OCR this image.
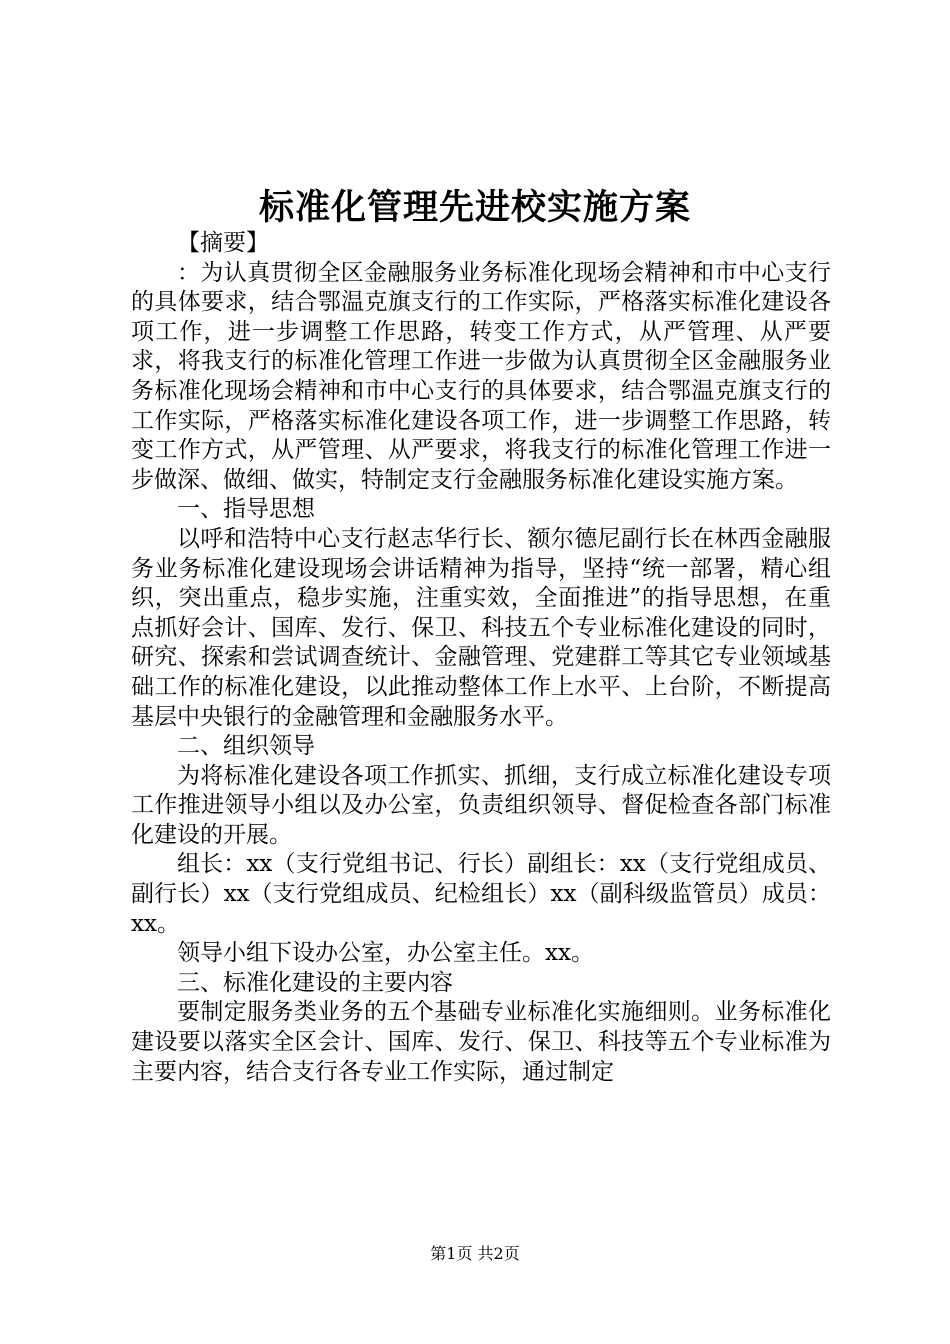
标准化管理先进校实施方案

【摘要】

：为认真贯彻全区金融服务业务标准化现场会精神和市中心支行的具体要求，结合鄂温克旗支行的工作实际，严格落实标准化建设各项工作，进一步调整工作思路，转变工作方式，从严管理、从严要求，将我支行的标准化管理工作进一步做为认真贯彻全区金融服务业务标准化现场会精神和市中心支行的具体要求，结合鄂温克旗支行的工作实际，严格落实标准化建设各项工作，进一步调整工作思路，转变工作方式，从严管理、从严要求，将我支行的标准化管理工作进一步做深、做细、做实，特制定支行金融服务标准化建设实施方案。

一、指导思想

以呼和浩特中心支行赵志华行长、额尔德尼副行长在林西金融服务业务标准化建设现场会讲话精神为指导，坚持“统一部署，精心组织，突出重点，稳步实施，注重实效，全面推进”的指导思想，在重点抓好会计、国库、发行、保卫、科技五个专业标准化建设的同时，研究、探索和尝试调查统计、金融管理、党建群工等其它专业领域基础工作的标准化建设，以此推动整体工作上水平、上台阶，不断提高基层中央银行的金融管理和金融服务水平。

二、组织领导

为将标准化建设各项工作抓实、抓细，支行成立标准化建设专项工作推进领导小组以及办公室，负责组织领导、督促检查各部门标准化建设的开展。

组长：xx（支行党组书记、行长）副组长：xx（支行党组成员、副行长）xx（支行党组成员、纪检组长）xx（副科级监管员）成员：xx。

领导小组下设办公室，办公室主任。xx。

三、标准化建设的主要内容

要制定服务类业务的五个基础专业标准化实施细则。业务标准化建设要以落实全区会计、国库、发行、保卫、科技等五个专业标准为主要内容，结合支行各专业工作实际，通过制定

第1页 共2页
